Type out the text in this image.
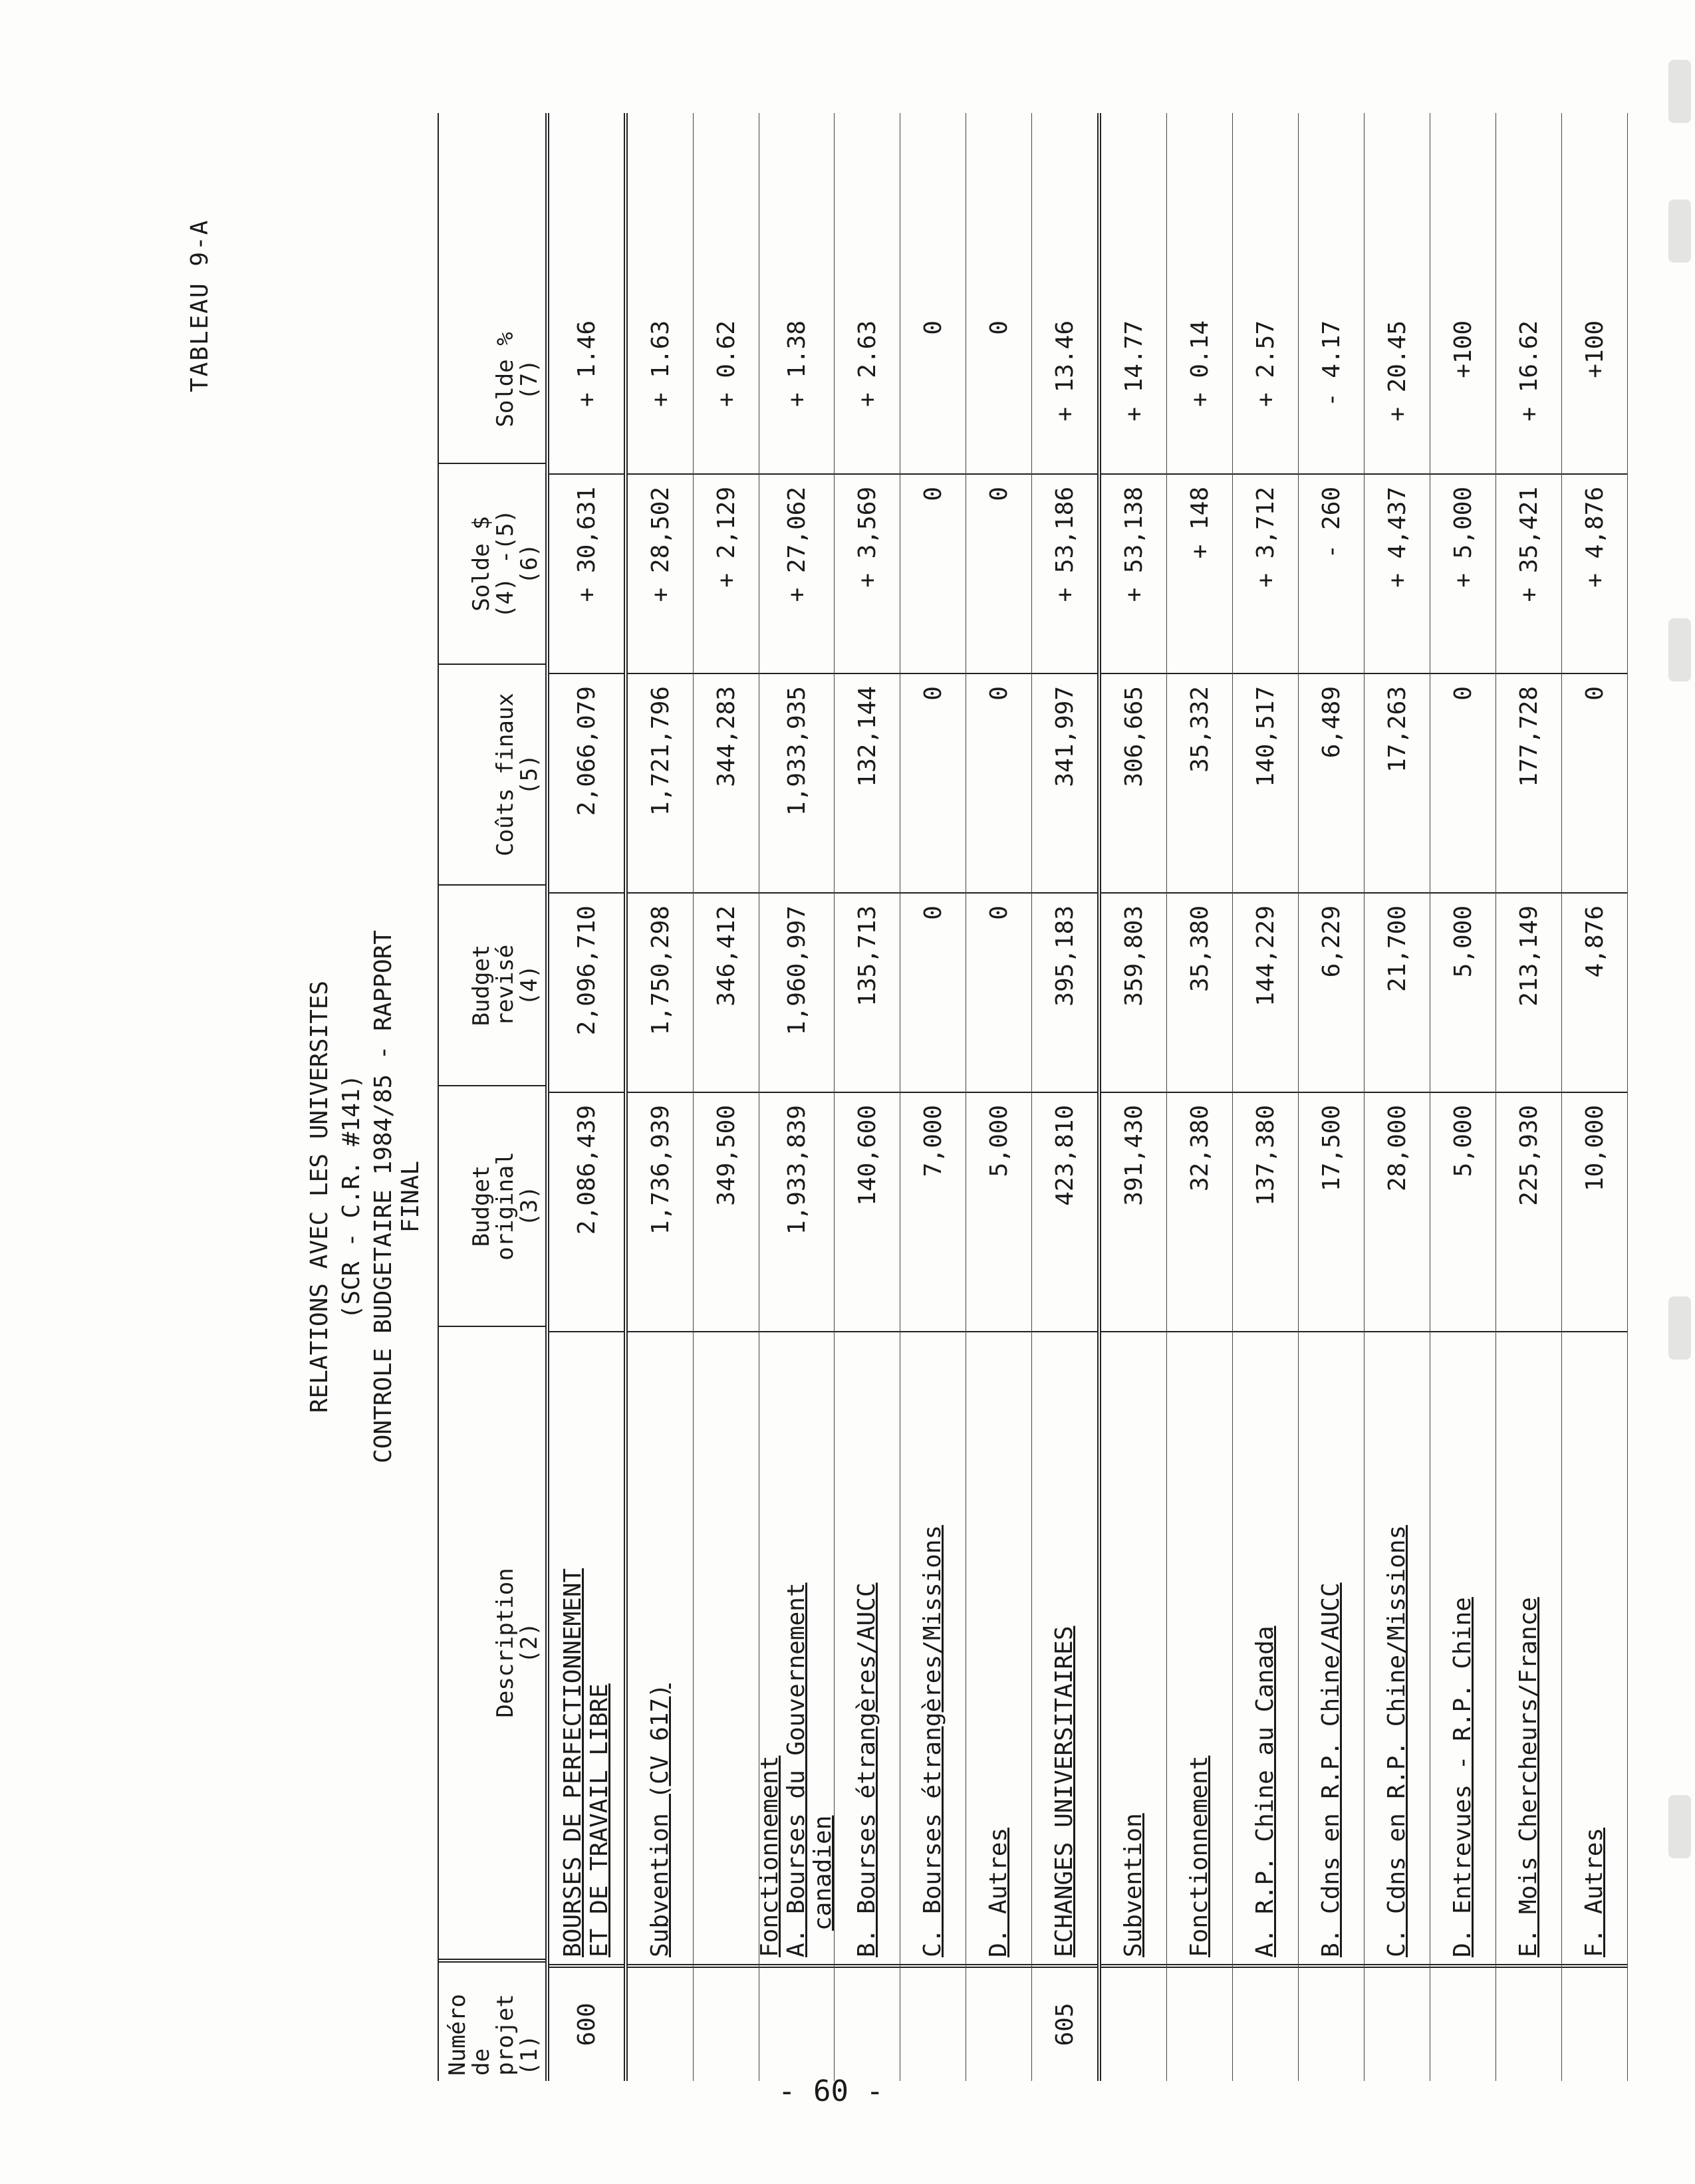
TABLEAU 9-A
RELATIONS AVEC LES UNIVERSITES (SCR - C.R. #141) CONTROLE BUDGETAIRE 1984/85 - RAPPORT FINAL
Numéro
de projet
(1)
Description
(2)
Budget
original
(3)
Budget
revisé
(4)
Coûts finaux
(5)
Solde $
(4) -(5)
(6)
Solde %
(7)
600
BOURSES DE PERFECTIONNEMENT ET DE TRAVAIL LIBRE
2,086,439
2,096,710
2,066,079
+ 30,631
+ 1.46
Subvention (CV 617)
1,736,939
1,750,298
1,721,796
+ 28,502
+ 1.63
349,500
346,412
344,283
+ 2,129
+ 0.62
Fonctionnement A. Bourses du Gouvernement canadien
1,933,839
1,960,997
1,933,935
+ 27,062
+ 1.38
B. Bourses étrangères/AUCC
140,600
135,713
132,144
+ 3,569
+ 2.63
C. Bourses étrangères/Missions
7,000
0
0
0
0
D. Autres
5,000
0
0
0
0
605
ECHANGES UNIVERSITAIRES
423,810
395,183
341,997
+ 53,186
+ 13.46
Subvention
391,430
359,803
306,665
+ 53,138
+ 14.77
Fonctionnement
32,380
35,380
35,332
+ 148
+ 0.14
A. R.P. Chine au Canada
137,380
144,229
140,517
+ 3,712
+ 2.57
B. Cdns en R.P. Chine/AUCC
17,500
6,229
6,489
- 260
- 4.17
C. Cdns en R.P. Chine/Missions
28,000
21,700
17,263
+ 4,437
+ 20.45
D. Entrevues - R.P. Chine
5,000
5,000
0
+ 5,000
+100
E. Mois Chercheurs/France
225,930
213,149
177,728
+ 35,421
+ 16.62
F. Autres
10,000
4,876
0
+ 4,876
+100
- 60 -
